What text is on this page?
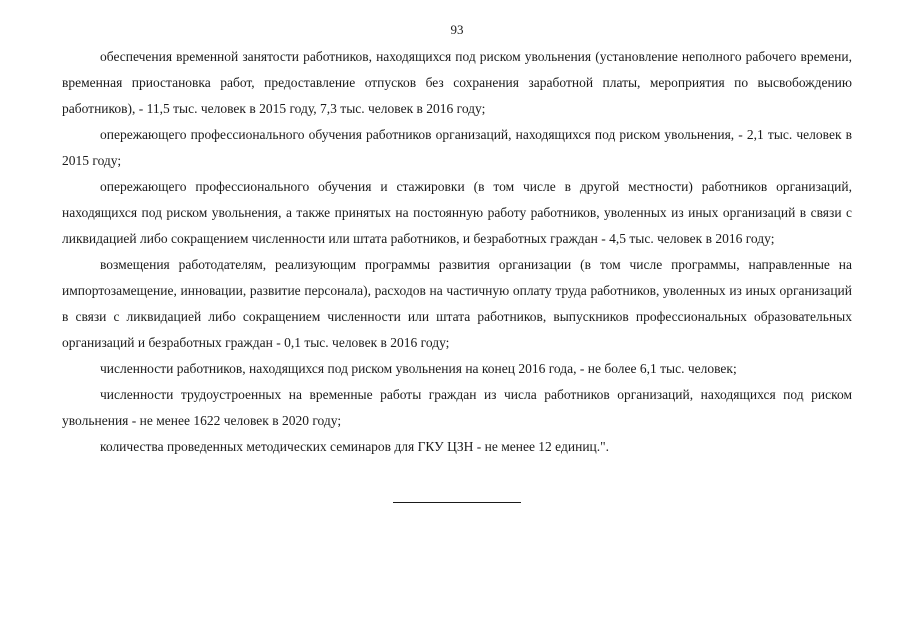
93

обеспечения временной занятости работников, находящихся под риском увольнения (установление неполного рабочего времени, временная приостановка работ, предоставление отпусков без сохранения заработной платы, мероприятия по высвобождению работников), - 11,5 тыс. человек в 2015 году, 7,3 тыс. человек в 2016 году;

опережающего профессионального обучения работников организаций, находящихся под риском увольнения, - 2,1 тыс. человек в 2015 году;

опережающего профессионального обучения и стажировки (в том числе в другой местности) работников организаций, находящихся под риском увольнения, а также принятых на постоянную работу работников, уволенных из иных организаций в связи с ликвидацией либо сокращением численности или штата работников, и безработных граждан - 4,5 тыс. человек в 2016 году;

возмещения работодателям, реализующим программы развития организации (в том числе программы, направленные на импортозамещение, инновации, развитие персонала), расходов на частичную оплату труда работников, уволенных из иных организаций в связи с ликвидацией либо сокращением численности или штата работников, выпускников профессиональных образовательных организаций и безработных граждан - 0,1 тыс. человек в 2016 году;

численности работников, находящихся под риском увольнения на конец 2016 года, - не более 6,1 тыс. человек;

численности трудоустроенных на временные работы граждан из числа работников организаций, находящихся под риском увольнения - не менее 1622 человек в 2020 году;

количества проведенных методических семинаров для ГКУ ЦЗН - не менее 12 единиц.".
